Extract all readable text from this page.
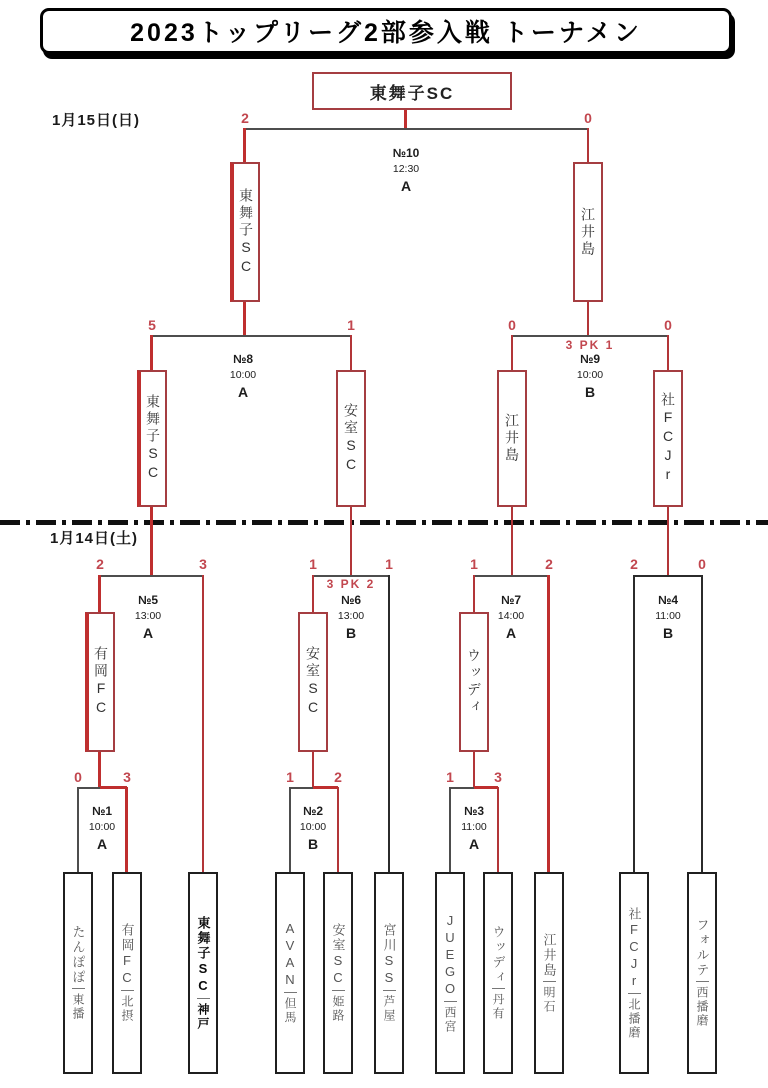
2023トップリーグ2部参入戦 トーナメン
1月15日(日)
1月14日(土)
東舞子SC
東舞子SC	江井島
東舞子SC	安室SC	江井島	社FCJr
有岡FC	安室SC	ウッディ
たんぽぽ
東播
有岡FC
北摂
東舞子SC
神戸
AVAN
但馬
安室SC
姫路
宮川SS
芦屋
JUEGO
西宮
ウッディ
丹有
江井島
明石
社FCJr
北播磨
フォルテ
西播磨
№10
12:30
A
№8
10:00
A
№9
10:00
B
№5
13:00
A
№6
13:00
B
№7
14:00
A
№4
11:00
B
№1
10:00
A
№2
10:00
B
№3
11:00
A
2	0
5	1	0	0
3 PK 1
2	3	1	1
3 PK 2
1	2	2	0
0	3	1	2	1	3
